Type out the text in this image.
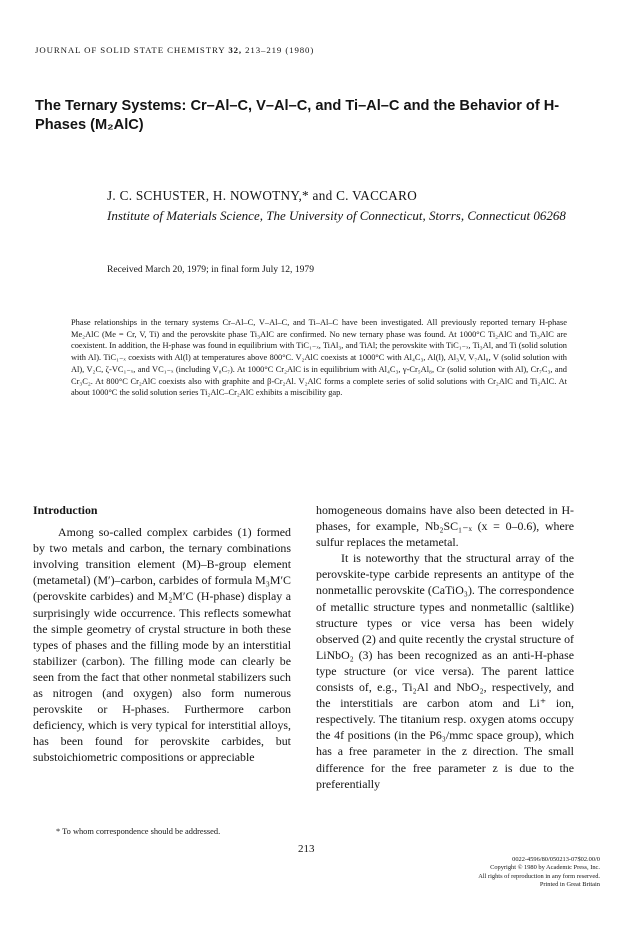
JOURNAL OF SOLID STATE CHEMISTRY 32, 213–219 (1980)
The Ternary Systems: Cr–Al–C, V–Al–C, and Ti–Al–C and the Behavior of H-Phases (M₂AlC)
J. C. SCHUSTER, H. NOWOTNY,* and C. VACCARO
Institute of Materials Science, The University of Connecticut, Storrs, Connecticut 06268
Received March 20, 1979; in final form July 12, 1979

Phase relationships in the ternary systems Cr–Al–C, V–Al–C, and Ti–Al–C have been investigated. All previously reported ternary H-phase Me₂AlC (Me = Cr, V, Ti) and the perovskite phase Ti₃AlC are confirmed. No new ternary phase was found. At 1000°C Ti₂AlC and Ti₃AlC are coexistent. In addition, the H-phase was found in equilibrium with TiC₁₋ₓ, TiAl₃, and TiAl; the perovskite with TiC₁₋ₓ, Ti₃Al, and Ti (solid solution with Al). TiC₁₋ₓ coexists with Al(l) at temperatures above 800°C. V₂AlC coexists at 1000°C with Al₄C₃, Al(l), Al₃V, V₇Al₈, V (solid solution with Al), V₂C, ζ-VC₁₋ₓ, and VC₁₋ₓ (including V₈C₇). At 1000°C Cr₂AlC is in equilibrium with Al₄C₃, γ-Cr₅Al₈, Cr (solid solution with Al), Cr₇C₃, and Cr₃C₂. At 800°C Cr₂AlC coexists also with graphite and β-Cr₂Al. V₂AlC forms a complete series of solid solutions with Cr₂AlC and Ti₂AlC. At about 1000°C the solid solution series Ti₂AlC–Cr₂AlC exhibits a miscibility gap.

Introduction

Among so-called complex carbides (1) formed by two metals and carbon, the ternary combinations involving transition element (M)–B-group element (metametal) (M′)–carbon, carbides of formula M₃M′C (perovskite carbides) and M₂M′C (H-phase) display a surprisingly wide occurrence. This reflects somewhat the simple geometry of crystal structure in both these types of phases and the filling mode by an interstitial stabilizer (carbon). The filling mode can clearly be seen from the fact that other nonmetal stabilizers such as nitrogen (and oxygen) also form numerous perovskite or H-phases. Furthermore carbon deficiency, which is very typical for interstitial alloys, has been found for perovskite carbides, but substoichiometric compositions or appreciable

homogeneous domains have also been detected in H-phases, for example, Nb₂SC₁₋ₓ (x = 0–0.6), where sulfur replaces the metametal.

It is noteworthy that the structural array of the perovskite-type carbide represents an antitype of the nonmetallic perovskite (CaTiO₃). The correspondence of metallic structure types and nonmetallic (saltlike) structure types or vice versa has been widely observed (2) and quite recently the crystal structure of LiNbO₂ (3) has been recognized as an anti-H-phase type structure (or vice versa). The parent lattice consists of, e.g., Ti₂Al and NbO₂, respectively, and the interstitials are carbon atom and Li⁺ ion, respectively. The titanium resp. oxygen atoms occupy the 4f positions (in the P6₃/mmc space group), which has a free parameter in the z direction. The small difference for the free parameter z is due to the preferentially

* To whom correspondence should be addressed.
213
0022-4596/80/050213-07$02.00/0
Copyright © 1980 by Academic Press, Inc.
All rights of reproduction in any form reserved.
Printed in Great Britain
